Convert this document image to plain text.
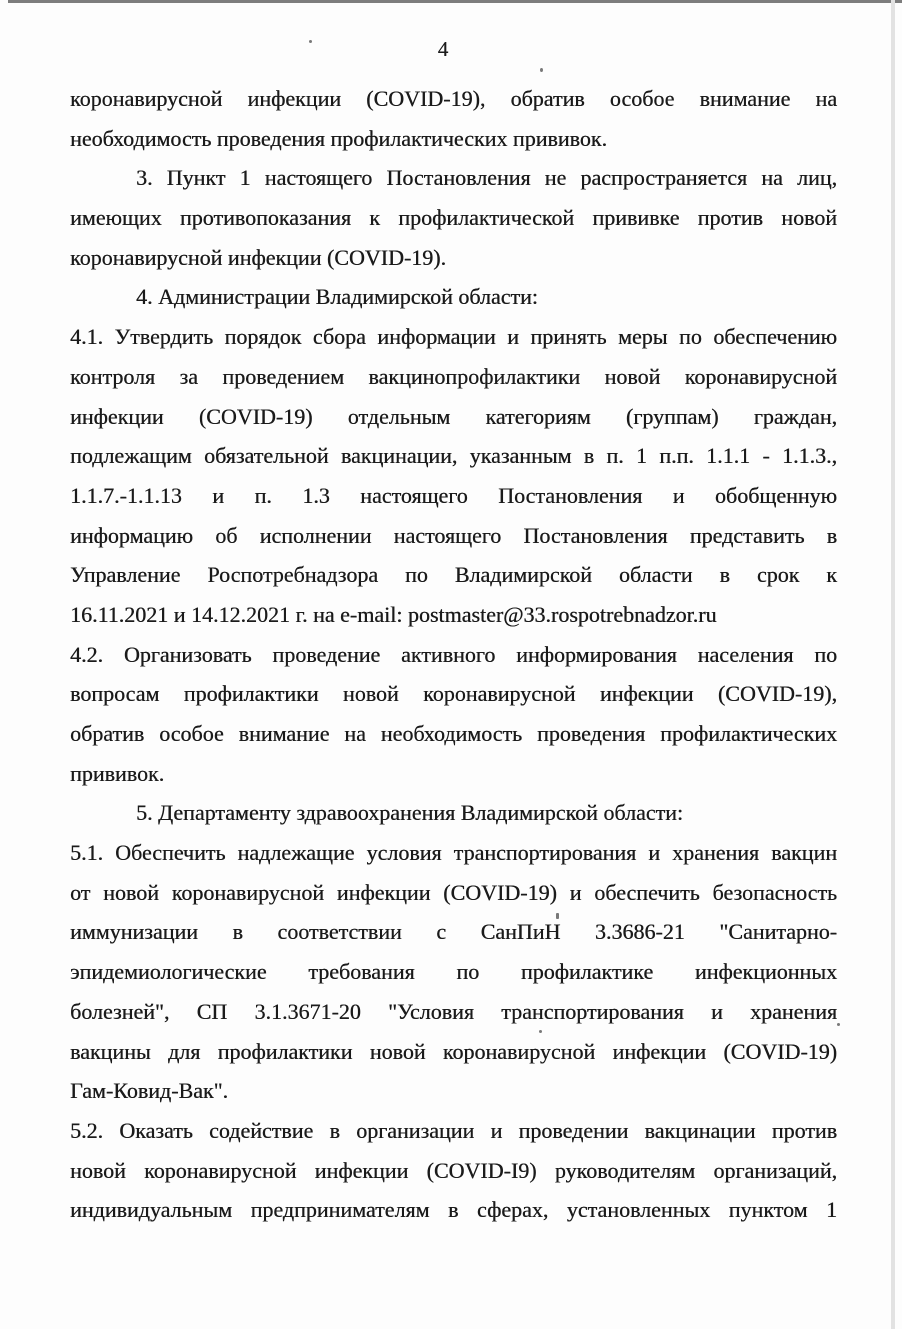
4
коронавирусной инфекции (COVID-19), обратив особое внимание на
необходимость проведения профилактических прививок.
3. Пункт 1 настоящего Постановления не распространяется на лиц,
имеющих противопоказания к профилактической прививке против новой
коронавирусной инфекции (COVID-19).
4. Администрации Владимирской области:
4.1. Утвердить порядок сбора информации и принять меры по обеспечению
контроля за проведением вакцинопрофилактики новой коронавирусной
инфекции (COVID-19) отдельным категориям (группам) граждан,
подлежащим обязательной вакцинации, указанным в п. 1 п.п. 1.1.1 - 1.1.3.,
1.1.7.-1.1.13 и п. 1.3 настоящего Постановления и обобщенную
информацию об исполнении настоящего Постановления представить в
Управление Роспотребнадзора по Владимирской области в срок к
16.11.2021 и 14.12.2021 г. на e-mail: postmaster@33.rospotrebnadzor.ru
4.2. Организовать проведение активного информирования населения по
вопросам профилактики новой коронавирусной инфекции (COVID-19),
обратив особое внимание на необходимость проведения профилактических
прививок.
5. Департаменту здравоохранения Владимирской области:
5.1. Обеспечить надлежащие условия транспортирования и хранения вакцин
от новой коронавирусной инфекции (COVID-19) и обеспечить безопасность
иммунизации в соответствии с СанПиН 3.3686-21 "Санитарно-
эпидемиологические требования по профилактике инфекционных
болезней", СП 3.1.3671-20 "Условия транспортирования и хранения
вакцины для профилактики новой коронавирусной инфекции (COVID-19)
Гам-Ковид-Вак".
5.2. Оказать содействие в организации и проведении вакцинации против
новой коронавирусной инфекции (COVID-I9) руководителям организаций,
индивидуальным предпринимателям в сферах, установленных пунктом 1
